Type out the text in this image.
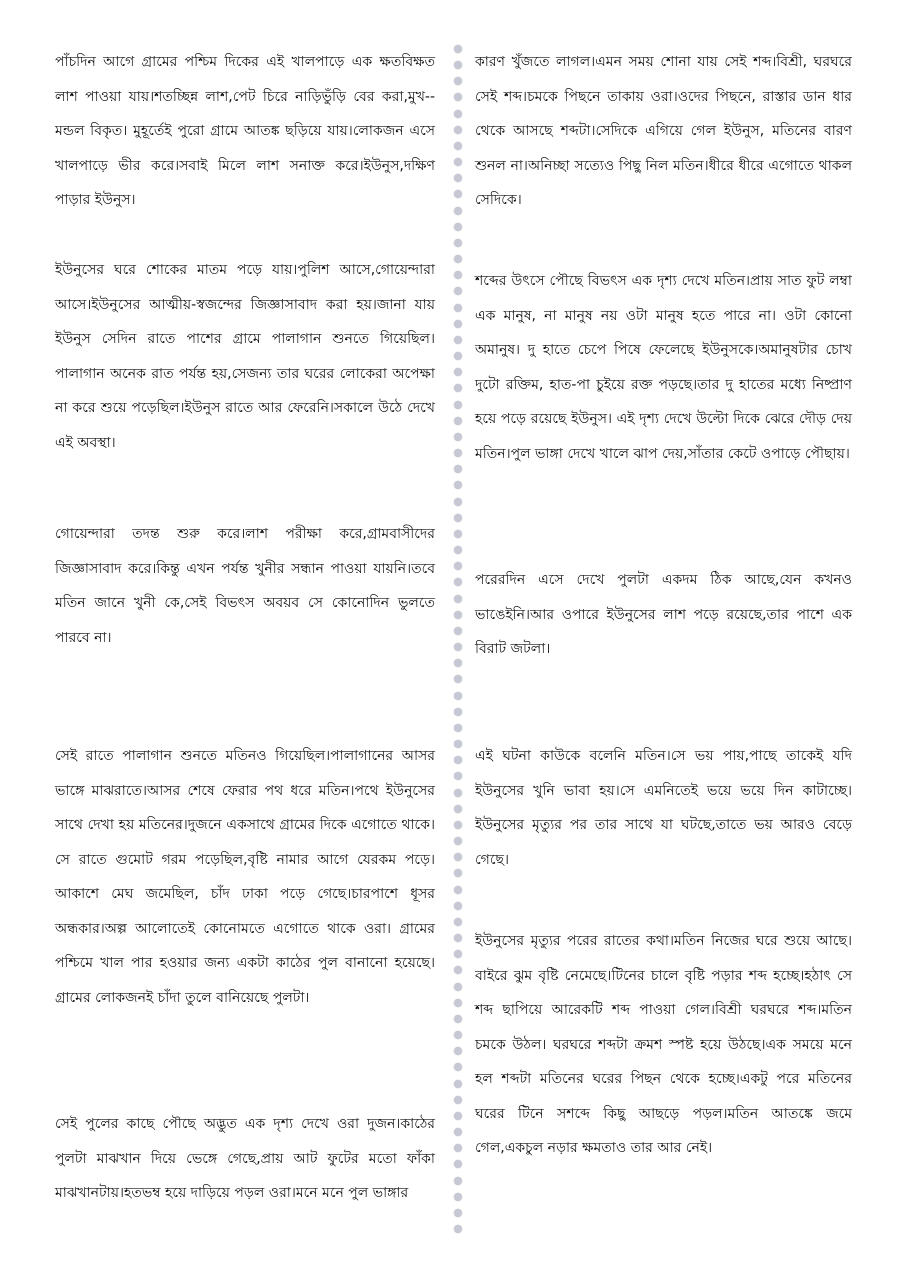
পাঁচদিন আগে গ্রামের পশ্চিম দিকের এই খালপাড়ে এক ক্ষতবিক্ষত লাশ পাওয়া যায়।শতচ্ছিন্ন লাশ,পেট চিরে নাড়িভুঁড়ি বের করা,মুখ--মন্ডল বিকৃত। মুহূর্তেই পুরো গ্রামে আতঙ্ক ছড়িয়ে যায়।লোকজন এসে খালপাড়ে ভীর করে।সবাই মিলে লাশ সনাক্ত করে।ইউনুস,দক্ষিণ পাড়ার ইউনুস।

ইউনুসের ঘরে শোকের মাতম পড়ে যায়।পুলিশ আসে,গোয়েন্দারা আসে।ইউনুসের আত্মীয়-স্বজন্দের জিজ্ঞাসাবাদ করা হয়।জানা যায় ইউনুস সেদিন রাতে পাশের গ্রামে পালাগান শুনতে গিয়েছিল।পালাগান অনেক রাত পর্যন্ত হয়,সেজন্য তার ঘরের লোকেরা অপেক্ষা না করে শুয়ে পড়েছিল।ইউনুস রাতে আর ফেরেনি।সকালে উঠে দেখে এই অবস্থা।

গোয়েন্দারা তদন্ত শুরু করে।লাশ পরীক্ষা করে,গ্রামবাসীদের জিজ্ঞাসাবাদ করে।কিন্তু এখন পর্যন্ত খুনীর সন্ধান পাওয়া যায়নি।তবে মতিন জানে খুনী কে,সেই বিভৎস অবয়ব সে কোনোদিন ভুলতে পারবে না।

সেই রাতে পালাগান শুনতে মতিনও গিয়েছিল।পালাগানের আসর ভাঙ্গে মাঝরাতে।আসর শেষে ফেরার পথ ধরে মতিন।পথে ইউনুসের সাথে দেখা হয় মতিনের।দুজনে একসাথে গ্রামের দিকে এগোতে থাকে।সে রাতে গুমোট গরম পড়েছিল,বৃষ্টি নামার আগে যেরকম পড়ে।আকাশে মেঘ জমেছিল, চাঁদ ঢাকা পড়ে গেছে।চারপাশে ধূসর অন্ধকার।অল্প আলোতেই কোনোমতে এগোতে থাকে ওরা। গ্রামের পশ্চিমে খাল পার হওয়ার জন্য একটা কাঠের পুল বানানো হয়েছে।গ্রামের লোকজনই চাঁদা তুলে বানিয়েছে পুলটা।

সেই পুলের কাছে পৌছে অদ্ভুত এক দৃশ্য দেখে ওরা দুজন।কাঠের পুলটা মাঝখান দিয়ে ভেঙ্গে গেছে,প্রায় আট ফুটের মতো ফাঁকা মাঝখানটায়।হতভম্ব হয়ে দাড়িয়ে পড়ল ওরা।মনে মনে পুল ভাঙ্গার

কারণ খুঁজতে লাগল।এমন সময় শোনা যায় সেই শব্দ।বিশ্রী, ঘরঘরে সেই শব্দ।চমকে পিছনে তাকায় ওরা।ওদের পিছনে, রাস্তার ডান ধার থেকে আসছে শব্দটা।সেদিকে এগিয়ে গেল ইউনুস, মতিনের বারণ শুনল না।অনিচ্ছা সত্যেও পিছু নিল মতিন।ধীরে ধীরে এগোতে থাকল সেদিকে।

শব্দের উৎসে পৌছে বিভৎস এক দৃশ্য দেখে মতিন।প্রায় সাত ফুট লম্বা এক মানুষ, না মানুষ নয় ওটা মানুষ হতে পারে না। ওটা কোনো অমানুষ। দু হাতে চেপে পিষে ফেলেছে ইউনুসকে।অমানুষটার চোখ দুটো রক্তিম, হাত-পা চুইয়ে রক্ত পড়ছে।তার দু হাতের মধ্যে নিষ্প্রাণ হয়ে পড়ে রয়েছে ইউনুস। এই দৃশ্য দেখে উল্টো দিকে ঝেরে দৌড় দেয় মতিন।পুল ভাঙ্গা দেখে খালে ঝাপ দেয়,সাঁতার কেটে ওপাড়ে পৌছায়।

পরেরদিন এসে দেখে পুলটা একদম ঠিক আছে,যেন কখনও ভাঙেইনি।আর ওপারে ইউনুসের লাশ পড়ে রয়েছে,তার পাশে এক বিরাট জটলা।

এই ঘটনা কাউকে বলেনি মতিন।সে ভয় পায়,পাছে তাকেই যদি ইউনুসের খুনি ভাবা হয়।সে এমনিতেই ভয়ে ভয়ে দিন কাটাচ্ছে।ইউনুসের মৃত্যুর পর তার সাথে যা ঘটছে,তাতে ভয় আরও বেড়ে গেছে।

ইউনুসের মৃত্যুর পরের রাতের কথা।মতিন নিজের ঘরে শুয়ে আছে।বাইরে ঝুম বৃষ্টি নেমেছে।টিনের চালে বৃষ্টি পড়ার শব্দ হচ্ছে।হঠাৎ সে শব্দ ছাপিয়ে আরেকটি শব্দ পাওয়া গেল।বিশ্রী ঘরঘরে শব্দ।মতিন চমকে উঠল। ঘরঘরে শব্দটা ক্রমশ স্পষ্ট হয়ে উঠছে।এক সময়ে মনে হল শব্দটা মতিনের ঘরের পিছন থেকে হচ্ছে।একটু পরে মতিনের ঘরের টিনে সশব্দে কিছু আছড়ে পড়ল।মতিন আতঙ্কে জমে গেল,একচুল নড়ার ক্ষমতাও তার আর নেই।
